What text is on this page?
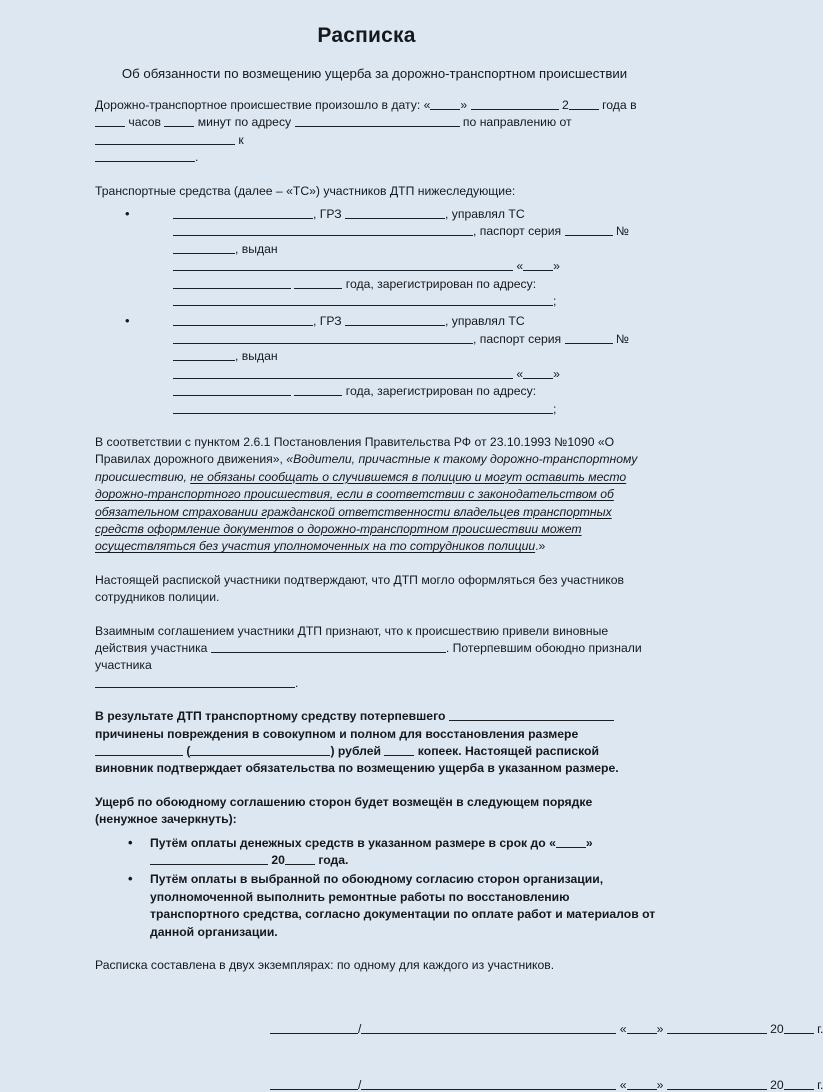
Расписка
Об обязанности по возмещению ущерба за дорожно-транспортном происшествии

Дорожно-транспортное происшествие произошло в дату: « »	2 года в  часов  минут по адресу	по направлению от  к
.

Транспортные средства (далее – «ТС») участников ДТП нижеследующие:

• , ГРЗ	, управлял ТС
, паспорт серия	№, выдан
« »   года, зарегистрирован по адресу:
;
• , ГРЗ	, управлял ТС
, паспорт серия	№, выдан
« »   года, зарегистрирован по адресу:
;

В соответствии с пунктом 2.6.1 Постановления Правительства РФ от 23.10.1993 №1090 «О Правилах дорожного движения», «Водители, причастные к такому дорожно-транспортному происшествию, не обязаны сообщать о случившемся в полицию и могут оставить место дорожно-транспортного происшествия, если в соответствии с законодательством об обязательном страховании гражданской ответственности владельцев транспортных средств оформление документов о дорожно-транспортном происшествии может осуществляться без участия уполномоченных на то сотрудников полиции.»

Настоящей распиской участники подтверждают, что ДТП могло оформляться без участников сотрудников полиции.

Взаимным соглашением участники ДТП признают, что к происшествию привели виновные действия участника	. Потерпевшим обоюдно признали участника
.

В результате ДТП транспортному средству потерпевшего  причинены повреждения в совокупном и полном для восстановления размере  (	) рублей  копеек. Настоящей распиской виновник подтверждает обязательства по возмещению ущерба в указанном размере.

Ущерб по обоюдному соглашению сторон будет возмещён в следующем порядке (ненужное зачеркнуть):

• Путём оплаты денежных средств в указанном размере в срок до « »
20 года.
• Путём оплаты в выбранной по обоюдному согласию сторон организации, уполномоченной выполнить ремонтные работы по восстановлению транспортного средства, согласно документации по оплате работ и материалов от данной организации.

Расписка составлена в двух экземплярах: по одному для каждого из участников.

/	« »	20 г.
/	« »	20 г.
